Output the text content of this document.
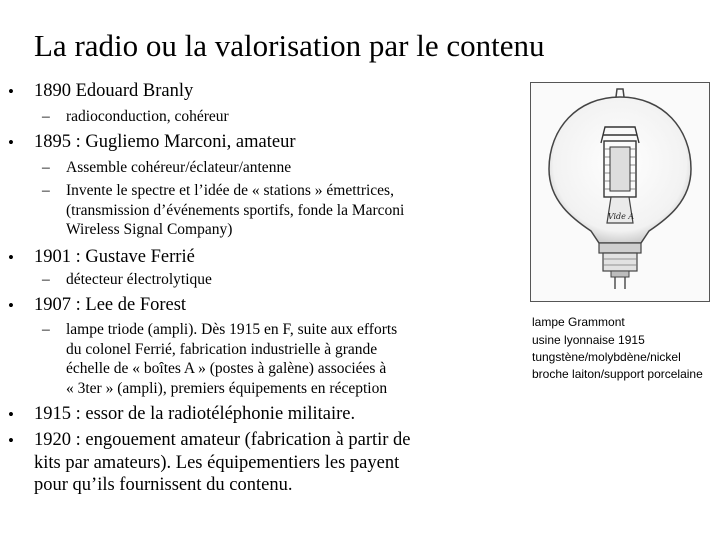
La radio ou la valorisation par le contenu
• 1890 Edouard Branly
– radioconduction, cohéreur
• 1895 : Gugliemo Marconi, amateur
– Assemble cohéreur/éclateur/antenne
– Invente le spectre et l’idée de « stations » émettrices,
(transmission d’événements sportifs, fonde la Marconi
Wireless Signal Company)
• 1901 : Gustave Ferrié
– détecteur électrolytique
• 1907 : Lee de Forest
– lampe triode (ampli). Dès 1915 en F, suite aux efforts
du colonel Ferrié, fabrication industrielle à grande
échelle de « boîtes A » (postes à galène) associées à
« 3ter » (ampli), premiers équipements en réception
• 1915 : essor de la radiotéléphonie militaire.
• 1920 : engouement amateur (fabrication à partir de
kits par amateurs). Les équipementiers les payent
pour qu’ils fournissent du contenu.
Vide A
lampe Grammont
usine lyonnaise 1915
tungstène/molybdène/nickel
broche laiton/support porcelaine
